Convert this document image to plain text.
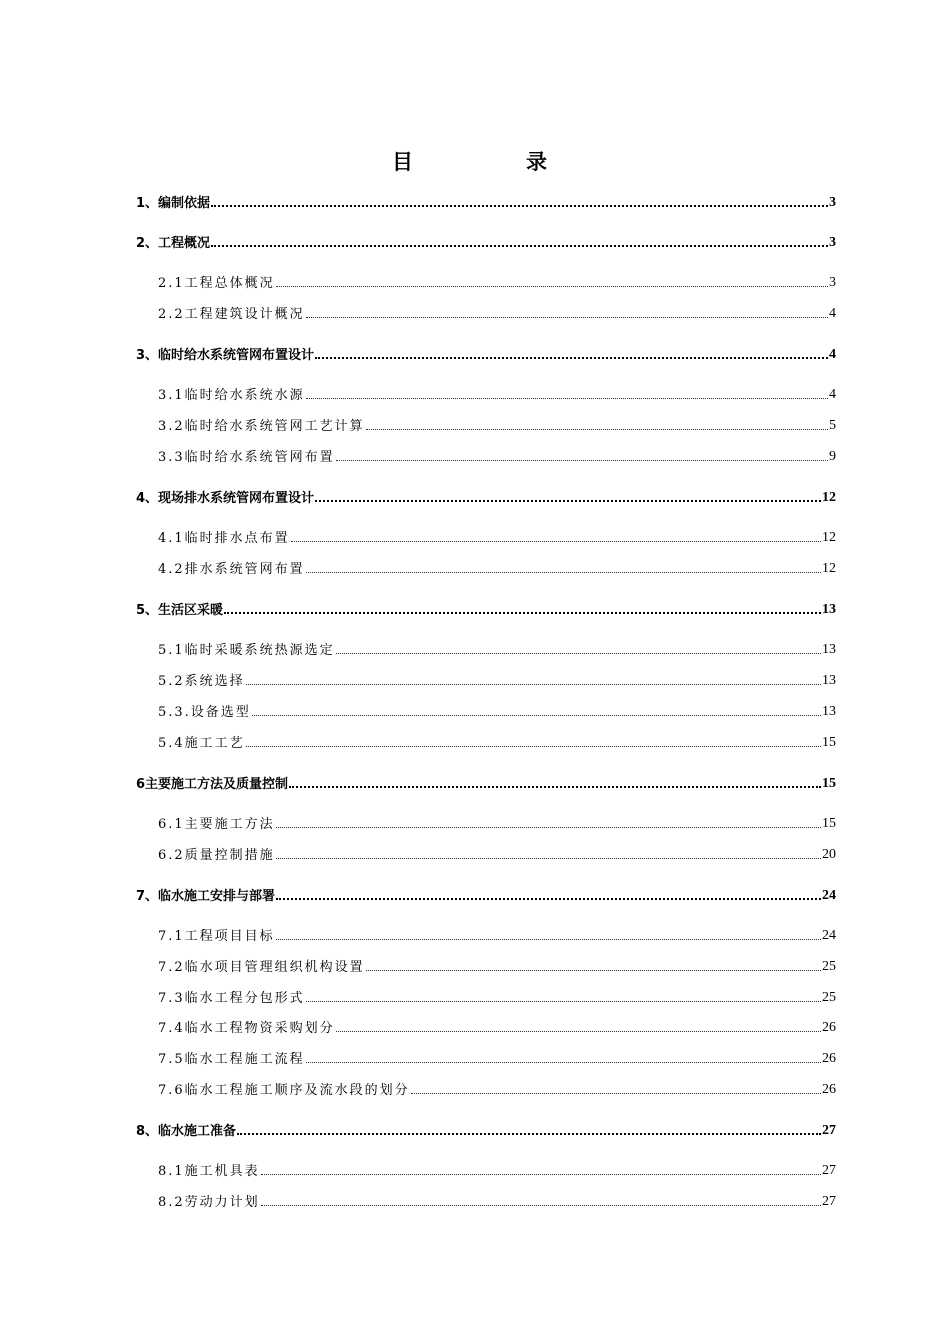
目　录
1、编制依据	3
2、工程概况	3
2.1工程总体概况	3
2.2工程建筑设计概况	4
3、临时给水系统管网布置设计	4
3.1临时给水系统水源	4
3.2临时给水系统管网工艺计算	5
3.3临时给水系统管网布置	9
4、现场排水系统管网布置设计	12
4.1临时排水点布置	12
4.2排水系统管网布置	12
5、生活区采暖	13
5.1临时采暖系统热源选定	13
5.2系统选择	13
5.3.设备选型	13
5.4施工工艺	15
6主要施工方法及质量控制	15
6.1主要施工方法	15
6.2质量控制措施	20
7、临水施工安排与部署	24
7.1工程项目目标	24
7.2临水项目管理组织机构设置	25
7.3临水工程分包形式	25
7.4临水工程物资采购划分	26
7.5临水工程施工流程	26
7.6临水工程施工顺序及流水段的划分	26
8、临水施工准备	27
8.1施工机具表	27
8.2劳动力计划	27
